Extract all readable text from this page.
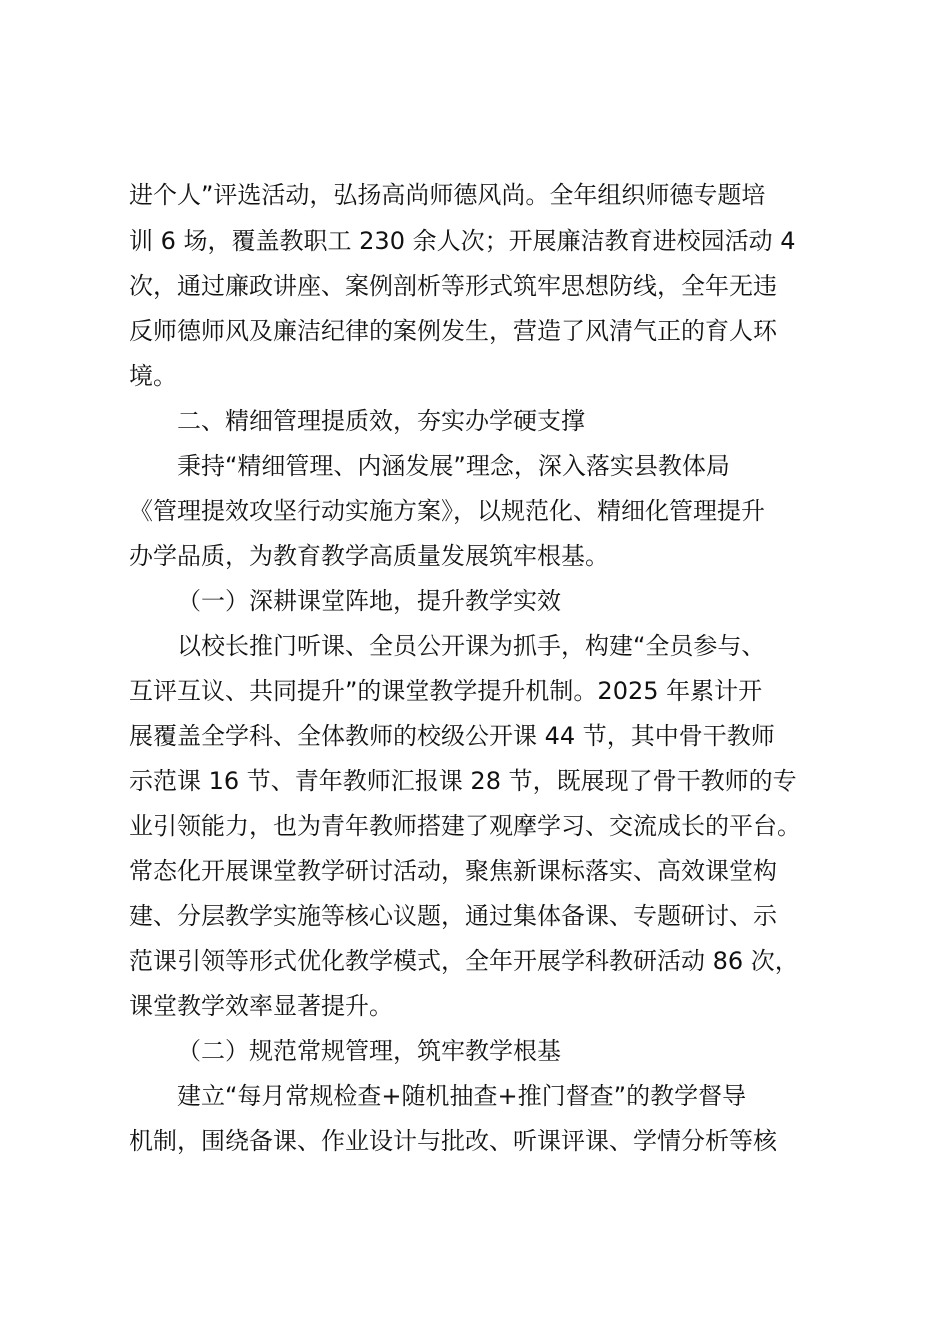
进个人”评选活动，弘扬高尚师德风尚。全年组织师德专题培
训 6 场，覆盖教职工 230 余人次；开展廉洁教育进校园活动 4
次，通过廉政讲座、案例剖析等形式筑牢思想防线，全年无违
反师德师风及廉洁纪律的案例发生，营造了风清气正的育人环
境。
二、精细管理提质效，夯实办学硬支撑
秉持“精细管理、内涵发展”理念，深入落实县教体局
《管理提效攻坚行动实施方案》，以规范化、精细化管理提升
办学品质，为教育教学高质量发展筑牢根基。
（一）深耕课堂阵地，提升教学实效
以校长推门听课、全员公开课为抓手，构建“全员参与、
互评互议、共同提升”的课堂教学提升机制。2025 年累计开
展覆盖全学科、全体教师的校级公开课 44 节，其中骨干教师
示范课 16 节、青年教师汇报课 28 节，既展现了骨干教师的专
业引领能力，也为青年教师搭建了观摩学习、交流成长的平台。
常态化开展课堂教学研讨活动，聚焦新课标落实、高效课堂构
建、分层教学实施等核心议题，通过集体备课、专题研讨、示
范课引领等形式优化教学模式，全年开展学科教研活动 86 次，
课堂教学效率显著提升。
（二）规范常规管理，筑牢教学根基
建立“每月常规检查+随机抽查+推门督查”的教学督导
机制，围绕备课、作业设计与批改、听课评课、学情分析等核
